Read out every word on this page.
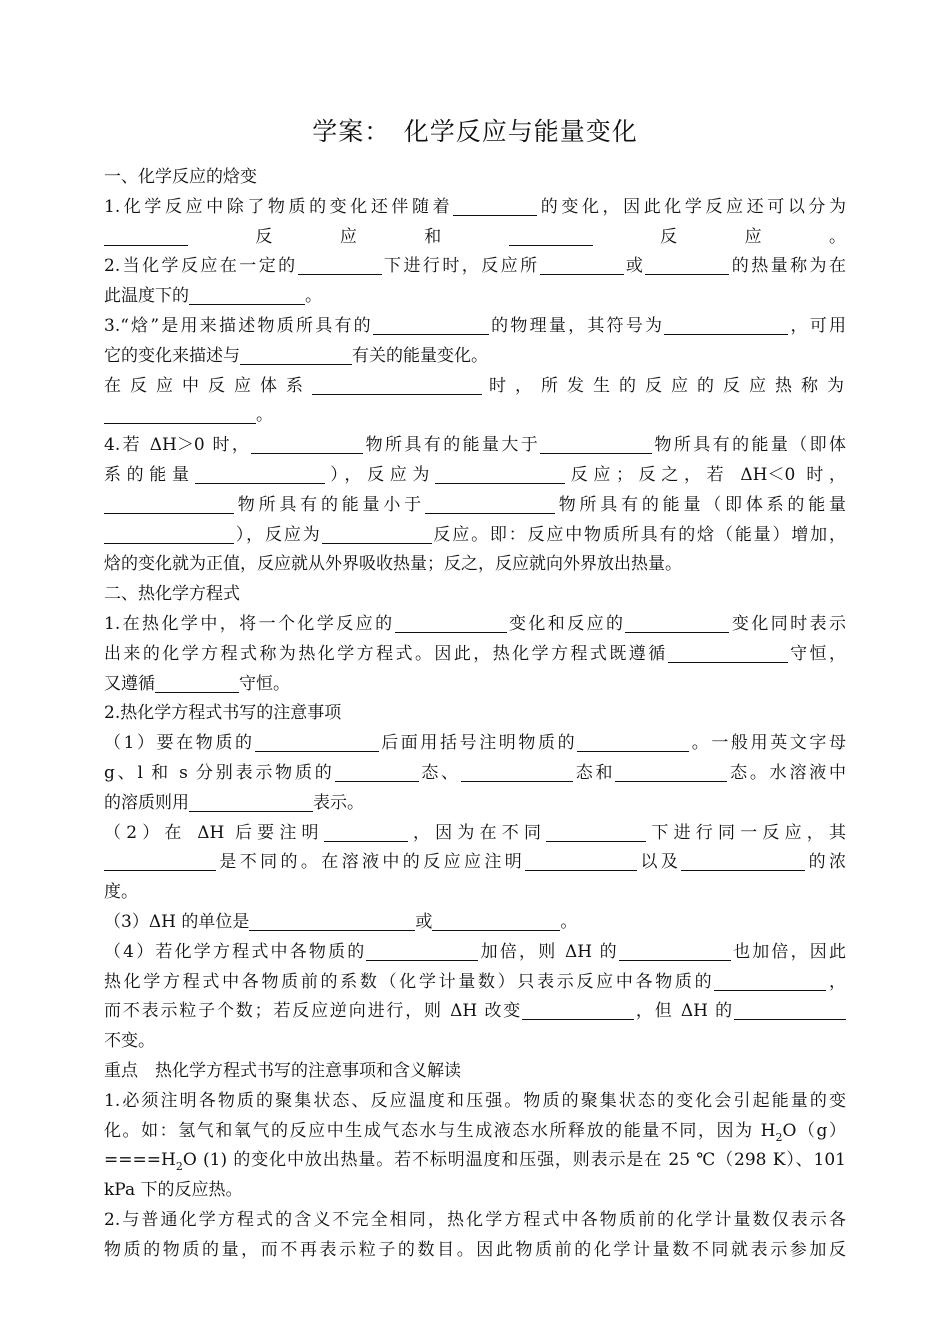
学案：　化学反应与能量变化
一、化学反应的焓变
1.化学反应中除了物质的变化还伴随着	的变化，因此化学反应还可以分为
反应和	反应。
2.当化学反应在一定的	下进行时，反应所	或	的热量称为在
此温度下的	。
3.“焓”是用来描述物质所具有的	的物理量，其符号为	，可用
它的变化来描述与	有关的能量变化。
在反应中反应体系	时，所发生的反应的反应热称为
。
4.若 ΔH＞0 时，	物所具有的能量大于	物所具有的能量（即体
系的能量	），反应为	反应；反之，若 ΔH＜0 时，
物所具有的能量小于	物所具有的能量（即体系的能量
），反应为	反应。即：反应中物质所具有的焓（能量）增加，
焓的变化就为正值，反应就从外界吸收热量；反之，反应就向外界放出热量。
二、热化学方程式
1.在热化学中，将一个化学反应的	变化和反应的	变化同时表示
出来的化学方程式称为热化学方程式。因此，热化学方程式既遵循	守恒，
又遵循	守恒。
2.热化学方程式书写的注意事项
（1）要在物质的	后面用括号注明物质的	。一般用英文字母
g、l 和 s 分别表示物质的	态、	态和	态。水溶液中
的溶质则用	表示。
（2）在 ΔH 后要注明	，因为在不同	下进行同一反应，其
是不同的。在溶液中的反应应注明	以及	的浓
度。
（3）ΔH 的单位是	或	。
（4）若化学方程式中各物质的	加倍，则 ΔH 的	也加倍，因此
热化学方程式中各物质前的系数（化学计量数）只表示反应中各物质的	，
而不表示粒子个数；若反应逆向进行，则 ΔH 改变	，但 ΔH 的
不变。
重点　热化学方程式书写的注意事项和含义解读
1.必须注明各物质的聚集状态、反应温度和压强。物质的聚集状态的变化会引起能量的变
化。如：氢气和氧气的反应中生成气态水与生成液态水所释放的能量不同，因为 $H_2O(g)$
$====H_2O$ (1) 的变化中放出热量。若不标明温度和压强，则表示是在 25 ℃（298 K）、101
kPa 下的反应热。
2.与普通化学方程式的含义不完全相同，热化学方程式中各物质前的化学计量数仅表示各
物质的物质的量，而不再表示粒子的数目。因此物质前的化学计量数不同就表示参加反
